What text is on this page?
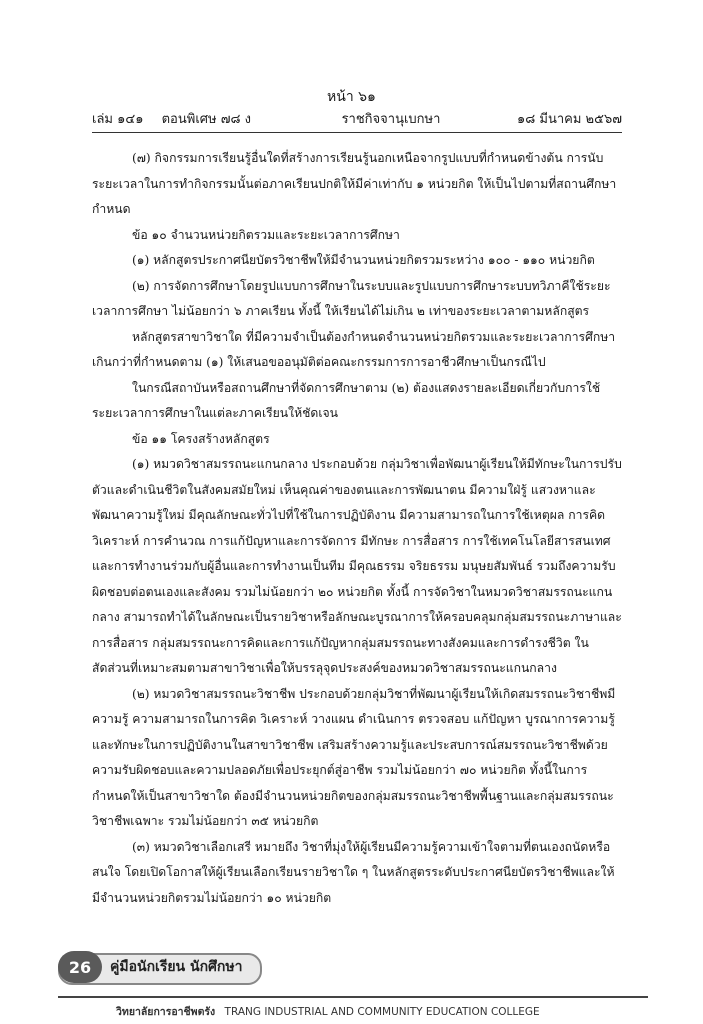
หน้า ๖๑
เล่ม ๑๔๑ ตอนพิเศษ ๗๘ ง	ราชกิจจานุเบกษา	๑๘ มีนาคม ๒๕๖๗

(๗) กิจกรรมการเรียนรู้อื่นใดที่สร้างการเรียนรู้นอกเหนือจากรูปแบบที่กำหนดข้างต้น การนับระยะเวลาในการทำกิจกรรมนั้นต่อภาคเรียนปกติให้มีค่าเท่ากับ ๑ หน่วยกิต ให้เป็นไปตามที่สถานศึกษากำหนด

ข้อ ๑๐ จำนวนหน่วยกิตรวมและระยะเวลาการศึกษา

(๑) หลักสูตรประกาศนียบัตรวิชาชีพให้มีจำนวนหน่วยกิตรวมระหว่าง ๑๐๐ - ๑๑๐ หน่วยกิต

(๒) การจัดการศึกษาโดยรูปแบบการศึกษาในระบบและรูปแบบการศึกษาระบบทวิภาคีใช้ระยะเวลาการศึกษา ไม่น้อยกว่า ๖ ภาคเรียน ทั้งนี้ ให้เรียนได้ไม่เกิน ๒ เท่าของระยะเวลาตามหลักสูตร

หลักสูตรสาขาวิชาใด ที่มีความจำเป็นต้องกำหนดจำนวนหน่วยกิตรวมและระยะเวลาการศึกษาเกินกว่าที่กำหนดตาม (๑) ให้เสนอขออนุมัติต่อคณะกรรมการการอาชีวศึกษาเป็นกรณีไป

ในกรณีสถาบันหรือสถานศึกษาที่จัดการศึกษาตาม (๒) ต้องแสดงรายละเอียดเกี่ยวกับการใช้ระยะเวลาการศึกษาในแต่ละภาคเรียนให้ชัดเจน

ข้อ ๑๑ โครงสร้างหลักสูตร

(๑) หมวดวิชาสมรรถนะแกนกลาง ประกอบด้วย กลุ่มวิชาเพื่อพัฒนาผู้เรียนให้มีทักษะในการปรับตัวและดำเนินชีวิตในสังคมสมัยใหม่ เห็นคุณค่าของตนและการพัฒนาตน มีความใฝ่รู้ แสวงหาและพัฒนาความรู้ใหม่ มีคุณลักษณะทั่วไปที่ใช้ในการปฏิบัติงาน มีความสามารถในการใช้เหตุผล การคิดวิเคราะห์ การคำนวณ การแก้ปัญหาและการจัดการ มีทักษะ การสื่อสาร การใช้เทคโนโลยีสารสนเทศและการทำงานร่วมกับผู้อื่นและการทำงานเป็นทีม มีคุณธรรม จริยธรรม มนุษยสัมพันธ์ รวมถึงความรับผิดชอบต่อตนเองและสังคม รวมไม่น้อยกว่า ๒๐ หน่วยกิต ทั้งนี้ การจัดวิชาในหมวดวิชาสมรรถนะแกนกลาง สามารถทำได้ในลักษณะเป็นรายวิชาหรือลักษณะบูรณาการให้ครอบคลุมกลุ่มสมรรถนะภาษาและการสื่อสาร กลุ่มสมรรถนะการคิดและการแก้ปัญหากลุ่มสมรรถนะทางสังคมและการดำรงชีวิต ในสัดส่วนที่เหมาะสมตามสาขาวิชาเพื่อให้บรรลุจุดประสงค์ของหมวดวิชาสมรรถนะแกนกลาง

(๒) หมวดวิชาสมรรถนะวิชาชีพ ประกอบด้วยกลุ่มวิชาที่พัฒนาผู้เรียนให้เกิดสมรรถนะวิชาชีพมีความรู้ ความสามารถในการคิด วิเคราะห์ วางแผน ดำเนินการ ตรวจสอบ แก้ปัญหา บูรณาการความรู้และทักษะในการปฏิบัติงานในสาขาวิชาชีพ เสริมสร้างความรู้และประสบการณ์สมรรถนะวิชาชีพด้วยความรับผิดชอบและความปลอดภัยเพื่อประยุกต์สู่อาชีพ รวมไม่น้อยกว่า ๗๐ หน่วยกิต ทั้งนี้ในการกำหนดให้เป็นสาขาวิชาใด ต้องมีจำนวนหน่วยกิตของกลุ่มสมรรถนะวิชาชีพพื้นฐานและกลุ่มสมรรถนะวิชาชีพเฉพาะ รวมไม่น้อยกว่า ๓๕ หน่วยกิต

(๓) หมวดวิชาเลือกเสรี หมายถึง วิชาที่มุ่งให้ผู้เรียนมีความรู้ความเข้าใจตามที่ตนเองถนัดหรือสนใจ โดยเปิดโอกาสให้ผู้เรียนเลือกเรียนรายวิชาใด ๆ ในหลักสูตรระดับประกาศนียบัตรวิชาชีพและให้มีจำนวนหน่วยกิตรวมไม่น้อยกว่า ๑๐ หน่วยกิต

26	คู่มือนักเรียน นักศึกษา
วิทยาลัยการอาชีพตรัง TRANG INDUSTRIAL AND COMMUNITY EDUCATION COLLEGE
